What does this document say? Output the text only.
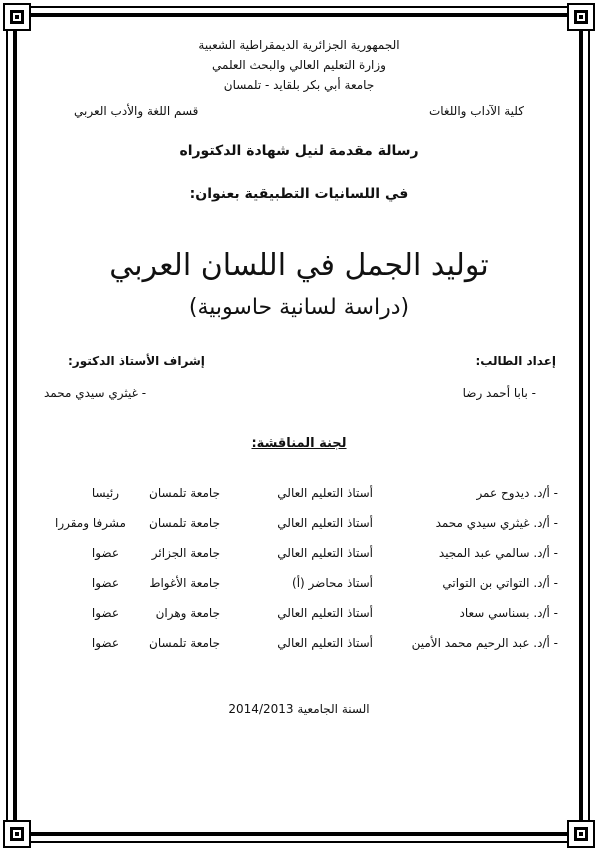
الجمهورية الجزائرية الديمقراطية الشعبية
وزارة التعليم العالي والبحث العلمي
جامعة أبي بكر بلقايد - تلمسان
كلية الآداب واللغات
قسم اللغة والأدب العربي
رسالة مقدمة لنيل شهادة الدكتوراه
في اللسانيات التطبيقية بعنوان:
توليد الجمل في اللسان العربي
(دراسة لسانية حاسوبية)
إعداد الطالب:
إشراف الأستاذ الدكتور:
- بابا أحمد رضا
- غيثري سيدي محمد
لجنة المناقشة:
- أ/د. ديدوح عمر
أستاذ التعليم العالي
جامعة تلمسان
رئيسا
- أ/د. غيثري سيدي محمد
أستاذ التعليم العالي
جامعة تلمسان
مشرفا ومقررا
- أ/د. سالمي عبد المجيد
أستاذ التعليم العالي
جامعة الجزائر
عضوا
- أ/د. التواتي بن التواتي
أستاذ محاضر (أ)
جامعة الأغواط
عضوا
- أ/د. بسناسي سعاد
أستاذ التعليم العالي
جامعة وهران
عضوا
- أ/د. عبد الرحيم محمد الأمين
أستاذ التعليم العالي
جامعة تلمسان
عضوا
السنة الجامعية 2014/2013
